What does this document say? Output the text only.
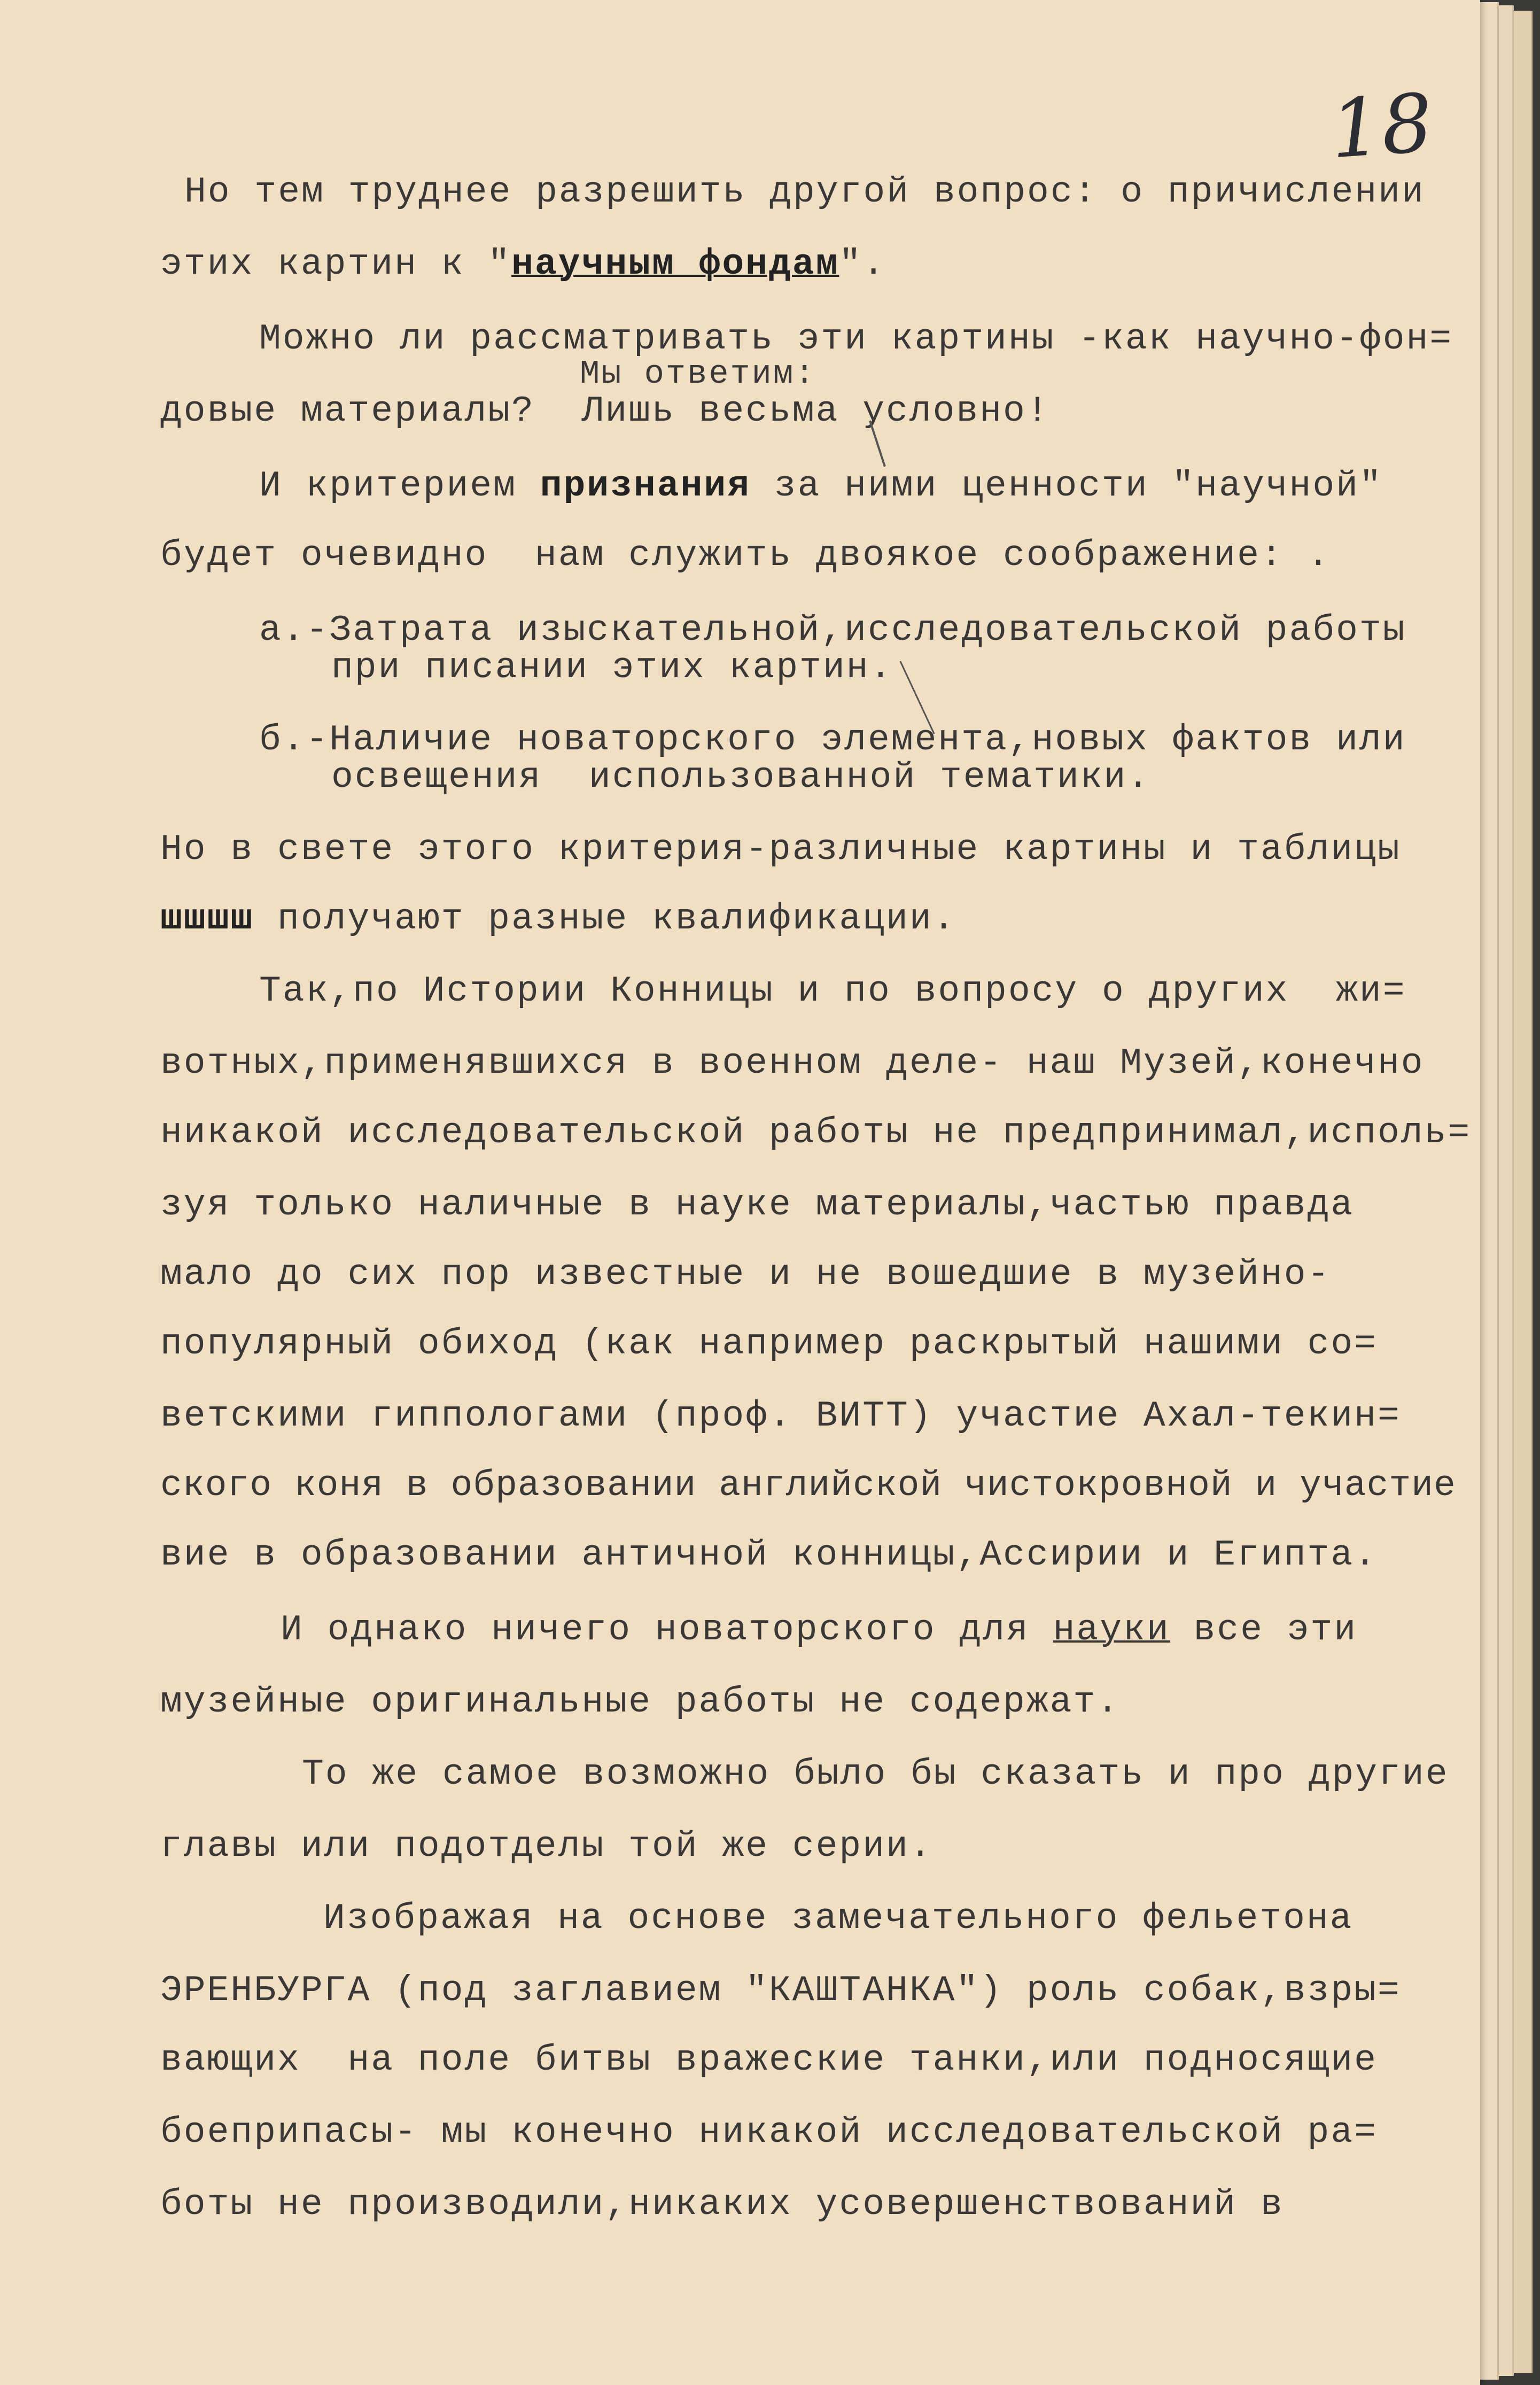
18
Но тем труднее разрешить другой вопрос: о причислении
этих картин к "научным фондам".
Можно ли рассматривать эти картины -как научно-фон=
Мы ответим:
довые материалы?  Лишь весьма условно!
И критерием признания за ними ценности "научной"
будет очевидно  нам служить двоякое соображение: .
а.-Затрата изыскательной,исследовательской работы
при писании этих картин.
б.-Наличие новаторского элемента,новых фактов или
освещения  использованной тематики.
Но в свете этого критерия-различные картины и таблицы
шшшш получают разные квалификации.
Так,по Истории Конницы и по вопросу о других  жи=
вотных,применявшихся в военном деле- наш Музей,конечно
никакой исследовательской работы не предпринимал,исполь=
зуя только наличные в науке материалы,частью правда
мало до сих пор известные и не вошедшие в музейно-
популярный обиход (как например раскрытый нашими со=
ветскими гиппологами (проф. ВИТТ) участие Ахал-текин=
ского коня в образовании английской чистокровной и участие
вие в образовании античной конницы,Ассирии и Египта.
И однако ничего новаторского для науки все эти
музейные оригинальные работы не содержат.
То же самое возможно было бы сказать и про другие
главы или подотделы той же серии.
Изображая на основе замечательного фельетона
ЭРЕНБУРГА (под заглавием "КАШТАНКА") роль собак,взры=
вающих  на поле битвы вражеские танки,или подносящие
боеприпасы- мы конечно никакой исследовательской ра=
боты не производили,никаких усовершенствований в
